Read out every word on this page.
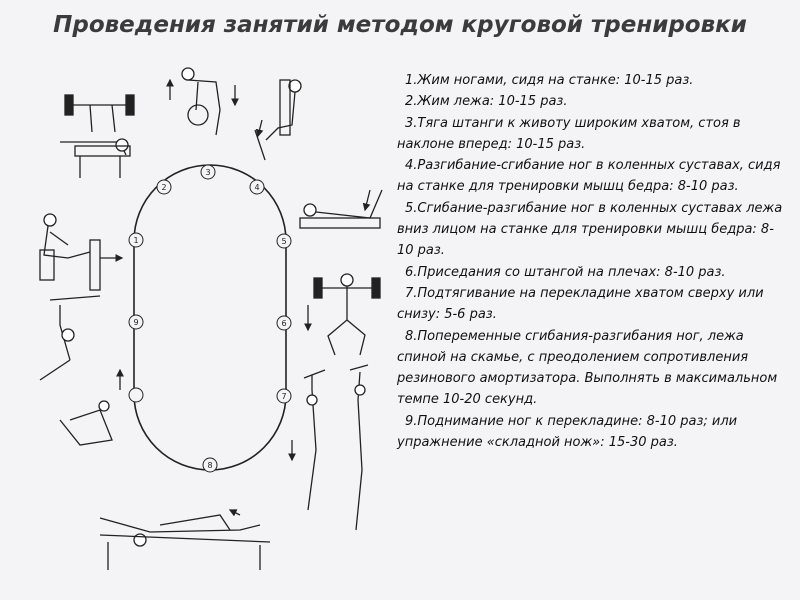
Проведения занятий методом круговой тренировки
1
2
3
4
5
6
7
8
9

1.Жим ногами, сидя на станке: 10-15 раз.

2.Жим лежа: 10-15 раз.

3.Тяга штанги к животу широким хватом, стоя в наклоне вперед: 10-15 раз.

4.Разгибание-сгибание ног в коленных суставах, сидя на станке для тренировки мышц бедра: 8-10 раз.

5.Сгибание-разгибание ног в коленных суставах лежа вниз лицом на станке для тренировки мышц бедра: 8-10 раз.

6.Приседания со штангой на плечах: 8-10 раз.

7.Подтягивание на перекладине хватом сверху или снизу: 5-6 раз.

8.Попеременные сгибания-разгибания ног, лежа спиной на скамье, с преодолением сопротивления резинового амортизатора. Выполнять в максимальном темпе 10-20 секунд.

9.Поднимание ног к перекладине: 8-10 раз; или упражнение «складной нож»: 15-30 раз.
